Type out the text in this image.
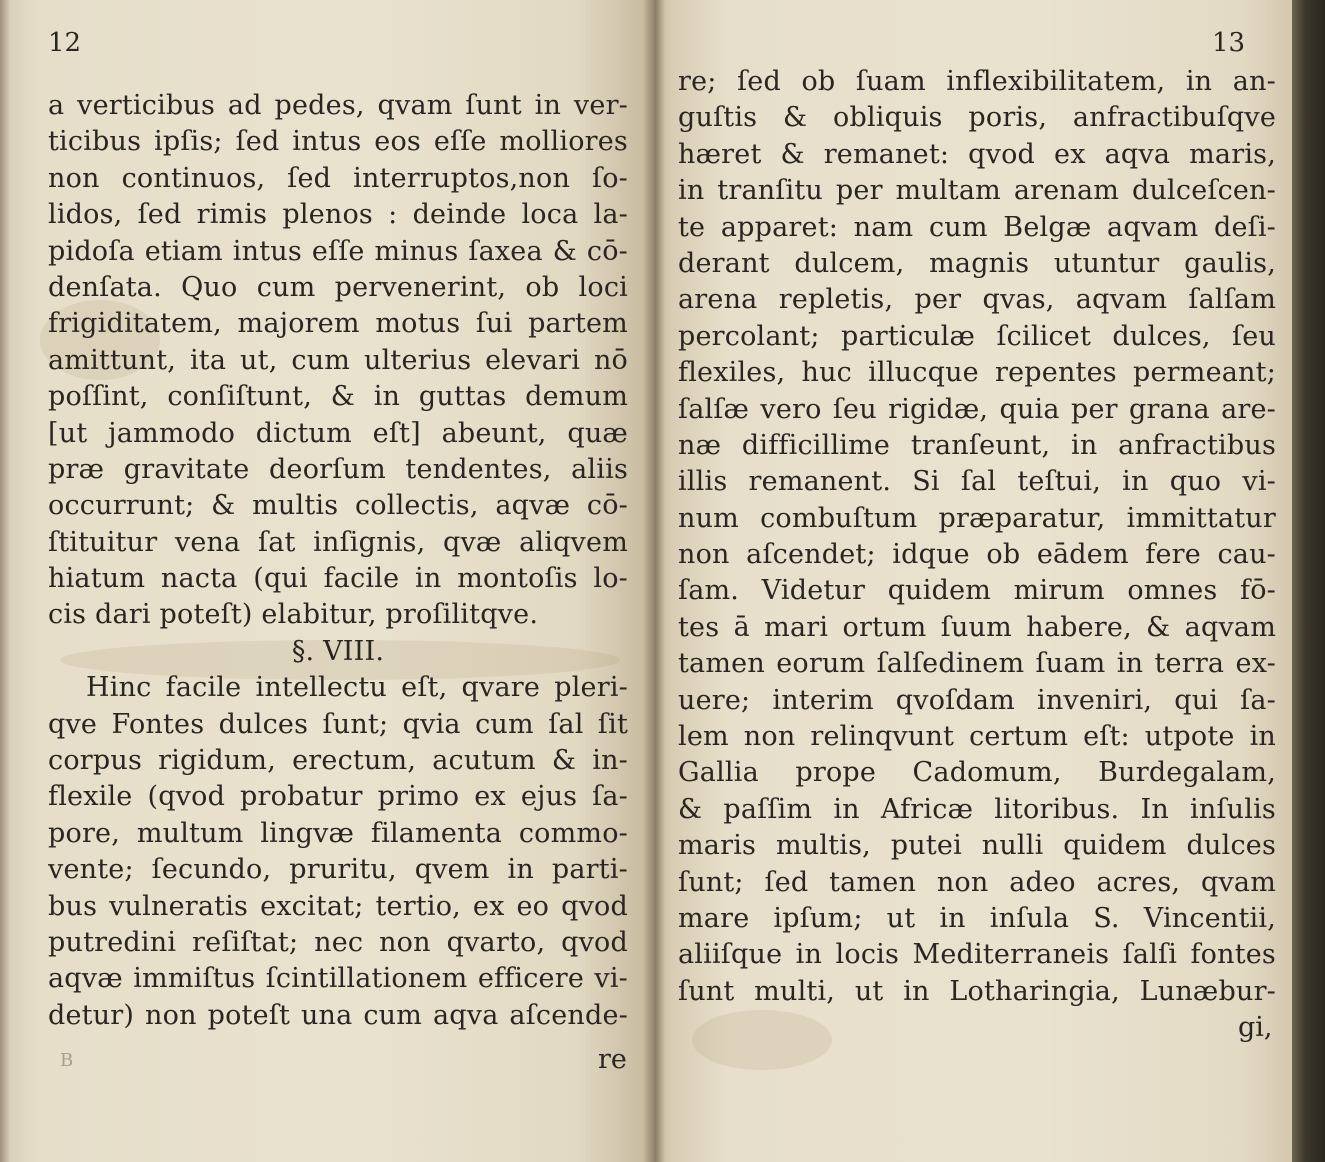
12
a verticibus ad pedes, qvam ſunt in ver-
ticibus ipſis; ſed intus eos eſſe molliores
non continuos, ſed interruptos,non ſo-
lidos, ſed rimis plenos : deinde loca la-
pidoſa etiam intus eſſe minus ſaxea & cō-
denſata. Quo cum pervenerint, ob loci
frigiditatem, majorem motus ſui partem
amittunt, ita ut, cum ulterius elevari nō
poſſint, conſiſtunt, & in guttas demum
[ut jammodo dictum eſt] abeunt, quæ
præ gravitate deorſum tendentes, aliis
occurrunt; & multis collectis, aqvæ cō-
ſtituitur vena ſat inſignis, qvæ aliqvem
hiatum nacta (qui facile in montoſis lo-
cis dari poteſt) elabitur, proſilitqve.
§. VIII.
Hinc facile intellectu eſt, qvare pleri-
qve Fontes dulces ſunt; qvia cum ſal ſit
corpus rigidum, erectum, acutum & in-
flexile (qvod probatur primo ex ejus ſa-
pore, multum lingvæ filamenta commo-
vente; ſecundo, pruritu, qvem in parti-
bus vulneratis excitat; tertio, ex eo qvod
putredini reſiſtat; nec non qvarto, qvod
aqvæ immiſtus ſcintillationem efficere vi-
detur) non poteſt una cum aqva aſcende-
B	re
13
re; ſed ob ſuam inflexibilitatem, in an-
guſtis & obliquis poris, anfractibuſqve
hæret & remanet: qvod ex aqva maris,
in tranſitu per multam arenam dulceſcen-
te apparet: nam cum Belgæ aqvam deſi-
derant dulcem, magnis utuntur gaulis,
arena repletis, per qvas, aqvam ſalſam
percolant; particulæ ſcilicet dulces, ſeu
flexiles, huc illucque repentes permeant;
ſalſæ vero ſeu rigidæ, quia per grana are-
næ difficillime tranſeunt, in anfractibus
illis remanent. Si ſal teſtui, in quo vi-
num combuſtum præparatur, immittatur
non aſcendet; idque ob eādem fere cau-
ſam. Videtur quidem mirum omnes fō-
tes ā mari ortum ſuum habere, & aqvam
tamen eorum ſalſedinem ſuam in terra ex-
uere; interim qvoſdam inveniri, qui ſa-
lem non relinqvunt certum eſt: utpote in
Gallia prope Cadomum, Burdegalam,
& paſſim in Africæ litoribus. In inſulis
maris multis, putei nulli quidem dulces
ſunt; ſed tamen non adeo acres, qvam
mare ipſum; ut in inſula S. Vincentii,
aliiſque in locis Mediterraneis ſalſi fontes
ſunt multi, ut in Lotharingia, Lunæbur-
gi,
